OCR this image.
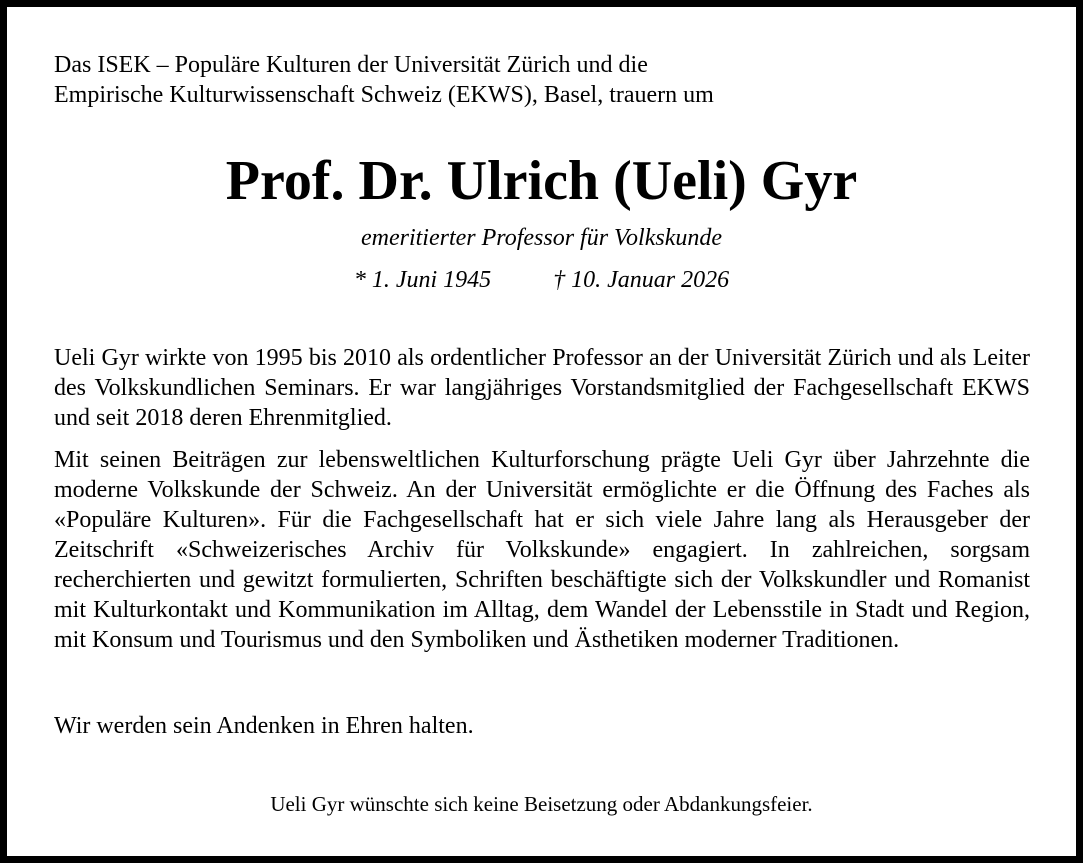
Das ISEK – Populäre Kulturen der Universität Zürich und die
Empirische Kulturwissenschaft Schweiz (EKWS), Basel, trauern um
Prof. Dr. Ulrich (Ueli) Gyr
emeritierter Professor für Volkskunde
* 1. Juni 1945	† 10. Januar 2026

Ueli Gyr wirkte von 1995 bis 2010 als ordentlicher Professor an der Universität Zürich und als Leiter des Volkskundlichen Seminars. Er war langjähriges Vorstandsmitglied der Fachgesellschaft EKWS und seit 2018 deren Ehrenmitglied.

Mit seinen Beiträgen zur lebensweltlichen Kulturforschung prägte Ueli Gyr über Jahrzehnte die moderne Volkskunde der Schweiz. An der Universität ermöglichte er die Öffnung des Faches als «Populäre Kulturen». Für die Fachgesellschaft hat er sich viele Jahre lang als Herausgeber der Zeitschrift «Schweizerisches Archiv für Volkskunde» engagiert. In zahlreichen, sorgsam recherchierten und gewitzt formulierten, Schriften beschäftigte sich der Volkskundler und Romanist mit Kulturkontakt und Kommunikation im Alltag, dem Wandel der Lebensstile in Stadt und Region, mit Konsum und Tourismus und den Symboliken und Ästhetiken moderner Traditionen.

Wir werden sein Andenken in Ehren halten.

Ueli Gyr wünschte sich keine Beisetzung oder Abdankungsfeier.
